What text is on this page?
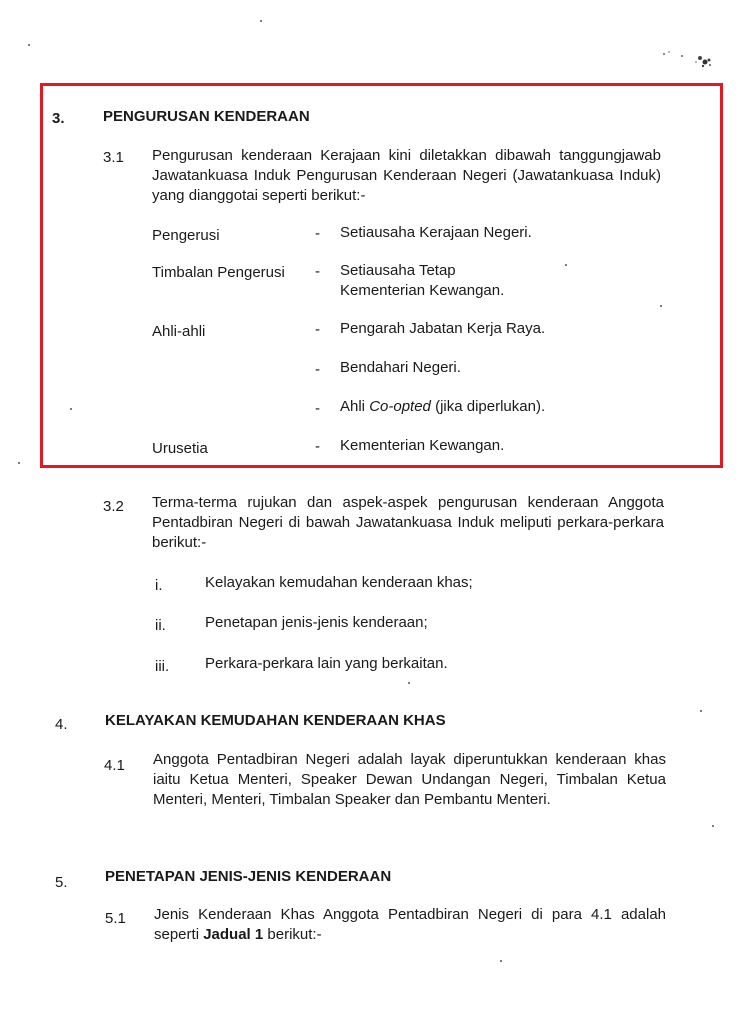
3.	PENGURUSAN KENDERAAN
3.1 Pengurusan kenderaan Kerajaan kini diletakkan dibawah tanggungjawab Jawatankuasa Induk Pengurusan Kenderaan Negeri (Jawatankuasa Induk) yang dianggotai seperti berikut:-
Pengerusi	- Setiausaha Kerajaan Negeri.
Timbalan Pengerusi - Setiausaha Tetap
Kementerian Kewangan.
Ahli-ahli	- Pengarah Jabatan Kerja Raya.
- Bendahari Negeri.
- Ahli Co-opted (jika diperlukan).
Urusetia	- Kementerian Kewangan.
3.2 Terma-terma rujukan dan aspek-aspek pengurusan kenderaan Anggota Pentadbiran Negeri di bawah Jawatankuasa Induk meliputi perkara-perkara berikut:-
i.	Kelayakan kemudahan kenderaan khas;
ii.	Penetapan jenis-jenis kenderaan;
iii. Perkara-perkara lain yang berkaitan.
4. KELAYAKAN KEMUDAHAN KENDERAAN KHAS
4.1 Anggota Pentadbiran Negeri adalah layak diperuntukkan kenderaan khas iaitu Ketua Menteri, Speaker Dewan Undangan Negeri, Timbalan Ketua Menteri, Menteri, Timbalan Speaker dan Pembantu Menteri.
5. PENETAPAN JENIS-JENIS KENDERAAN
5.1 Jenis Kenderaan Khas Anggota Pentadbiran Negeri di para 4.1 adalah seperti Jadual 1 berikut:-
